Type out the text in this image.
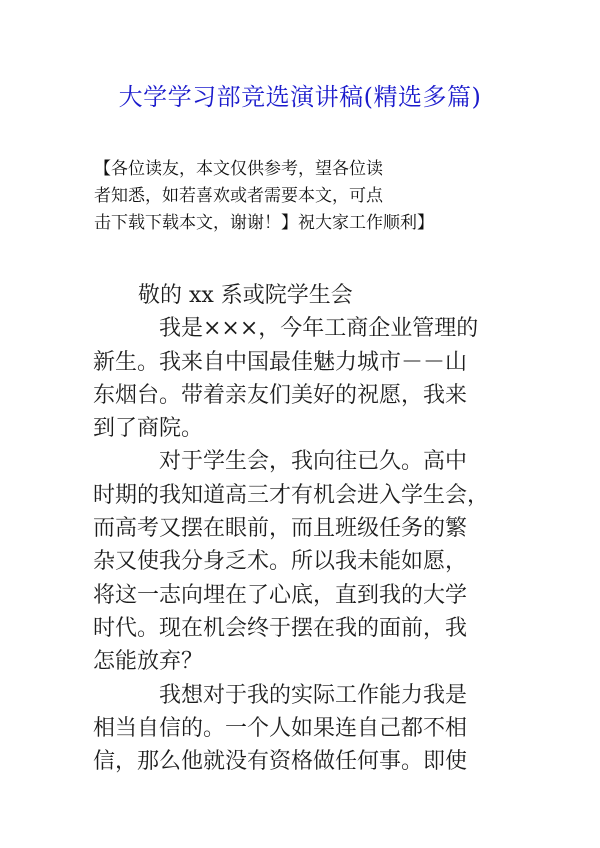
大学学习部竞选演讲稿(精选多篇)
【各位读友，本文仅供参考，望各位读
者知悉，如若喜欢或者需要本文，可点
击下载下载本文，谢谢！】祝大家工作顺利】
敬的 xx 系或院学生会
我是×××，今年工商企业管理的
新生。我来自中国最佳魅力城市－－山
东烟台。带着亲友们美好的祝愿，我来
到了商院。
对于学生会，我向往已久。高中
时期的我知道高三才有机会进入学生会，
而高考又摆在眼前，而且班级任务的繁
杂又使我分身乏术。所以我未能如愿，
将这一志向埋在了心底，直到我的大学
时代。现在机会终于摆在我的面前，我
怎能放弃？
我想对于我的实际工作能力我是
相当自信的。一个人如果连自己都不相
信，那么他就没有资格做任何事。即使
